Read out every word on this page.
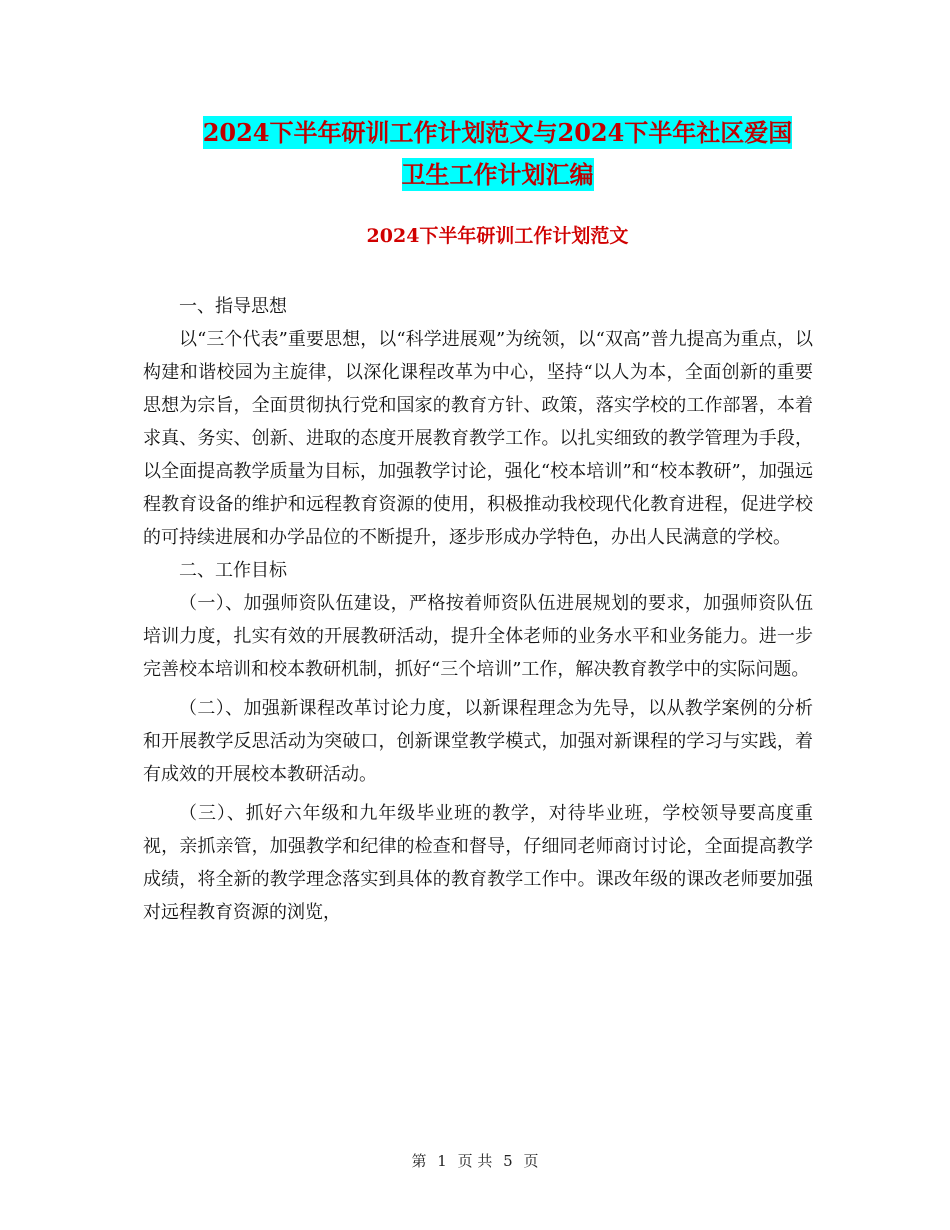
2024下半年研训工作计划范文与2024下半年社区爱国
卫生工作计划汇编
2024下半年研训工作计划范文

一、指导思想

以“三个代表”重要思想，以“科学进展观”为统领，以“双高”普九提高为重点，以构建和谐校园为主旋律，以深化课程改革为中心，坚持“以人为本，全面创新的重要思想为宗旨，全面贯彻执行党和国家的教育方针、政策，落实学校的工作部署，本着求真、务实、创新、进取的态度开展教育教学工作。以扎实细致的教学管理为手段，以全面提高教学质量为目标，加强教学讨论，强化“校本培训”和“校本教研”，加强远程教育设备的维护和远程教育资源的使用，积极推动我校现代化教育进程，促进学校的可持续进展和办学品位的不断提升，逐步形成办学特色，办出人民满意的学校。

二、工作目标

（一）、加强师资队伍建设，严格按着师资队伍进展规划的要求，加强师资队伍培训力度，扎实有效的开展教研活动，提升全体老师的业务水平和业务能力。进一步完善校本培训和校本教研机制，抓好“三个培训”工作，解决教育教学中的实际问题。

（二）、加强新课程改革讨论力度，以新课程理念为先导，以从教学案例的分析和开展教学反思活动为突破口，创新课堂教学模式，加强对新课程的学习与实践，着有成效的开展校本教研活动。

（三）、抓好六年级和九年级毕业班的教学，对待毕业班，学校领导要高度重视，亲抓亲管，加强教学和纪律的检查和督导，仔细同老师商讨讨论，全面提高教学成绩，将全新的教学理念落实到具体的教育教学工作中。课改年级的课改老师要加强对远程教育资源的浏览，

第 1 页 共 5 页
